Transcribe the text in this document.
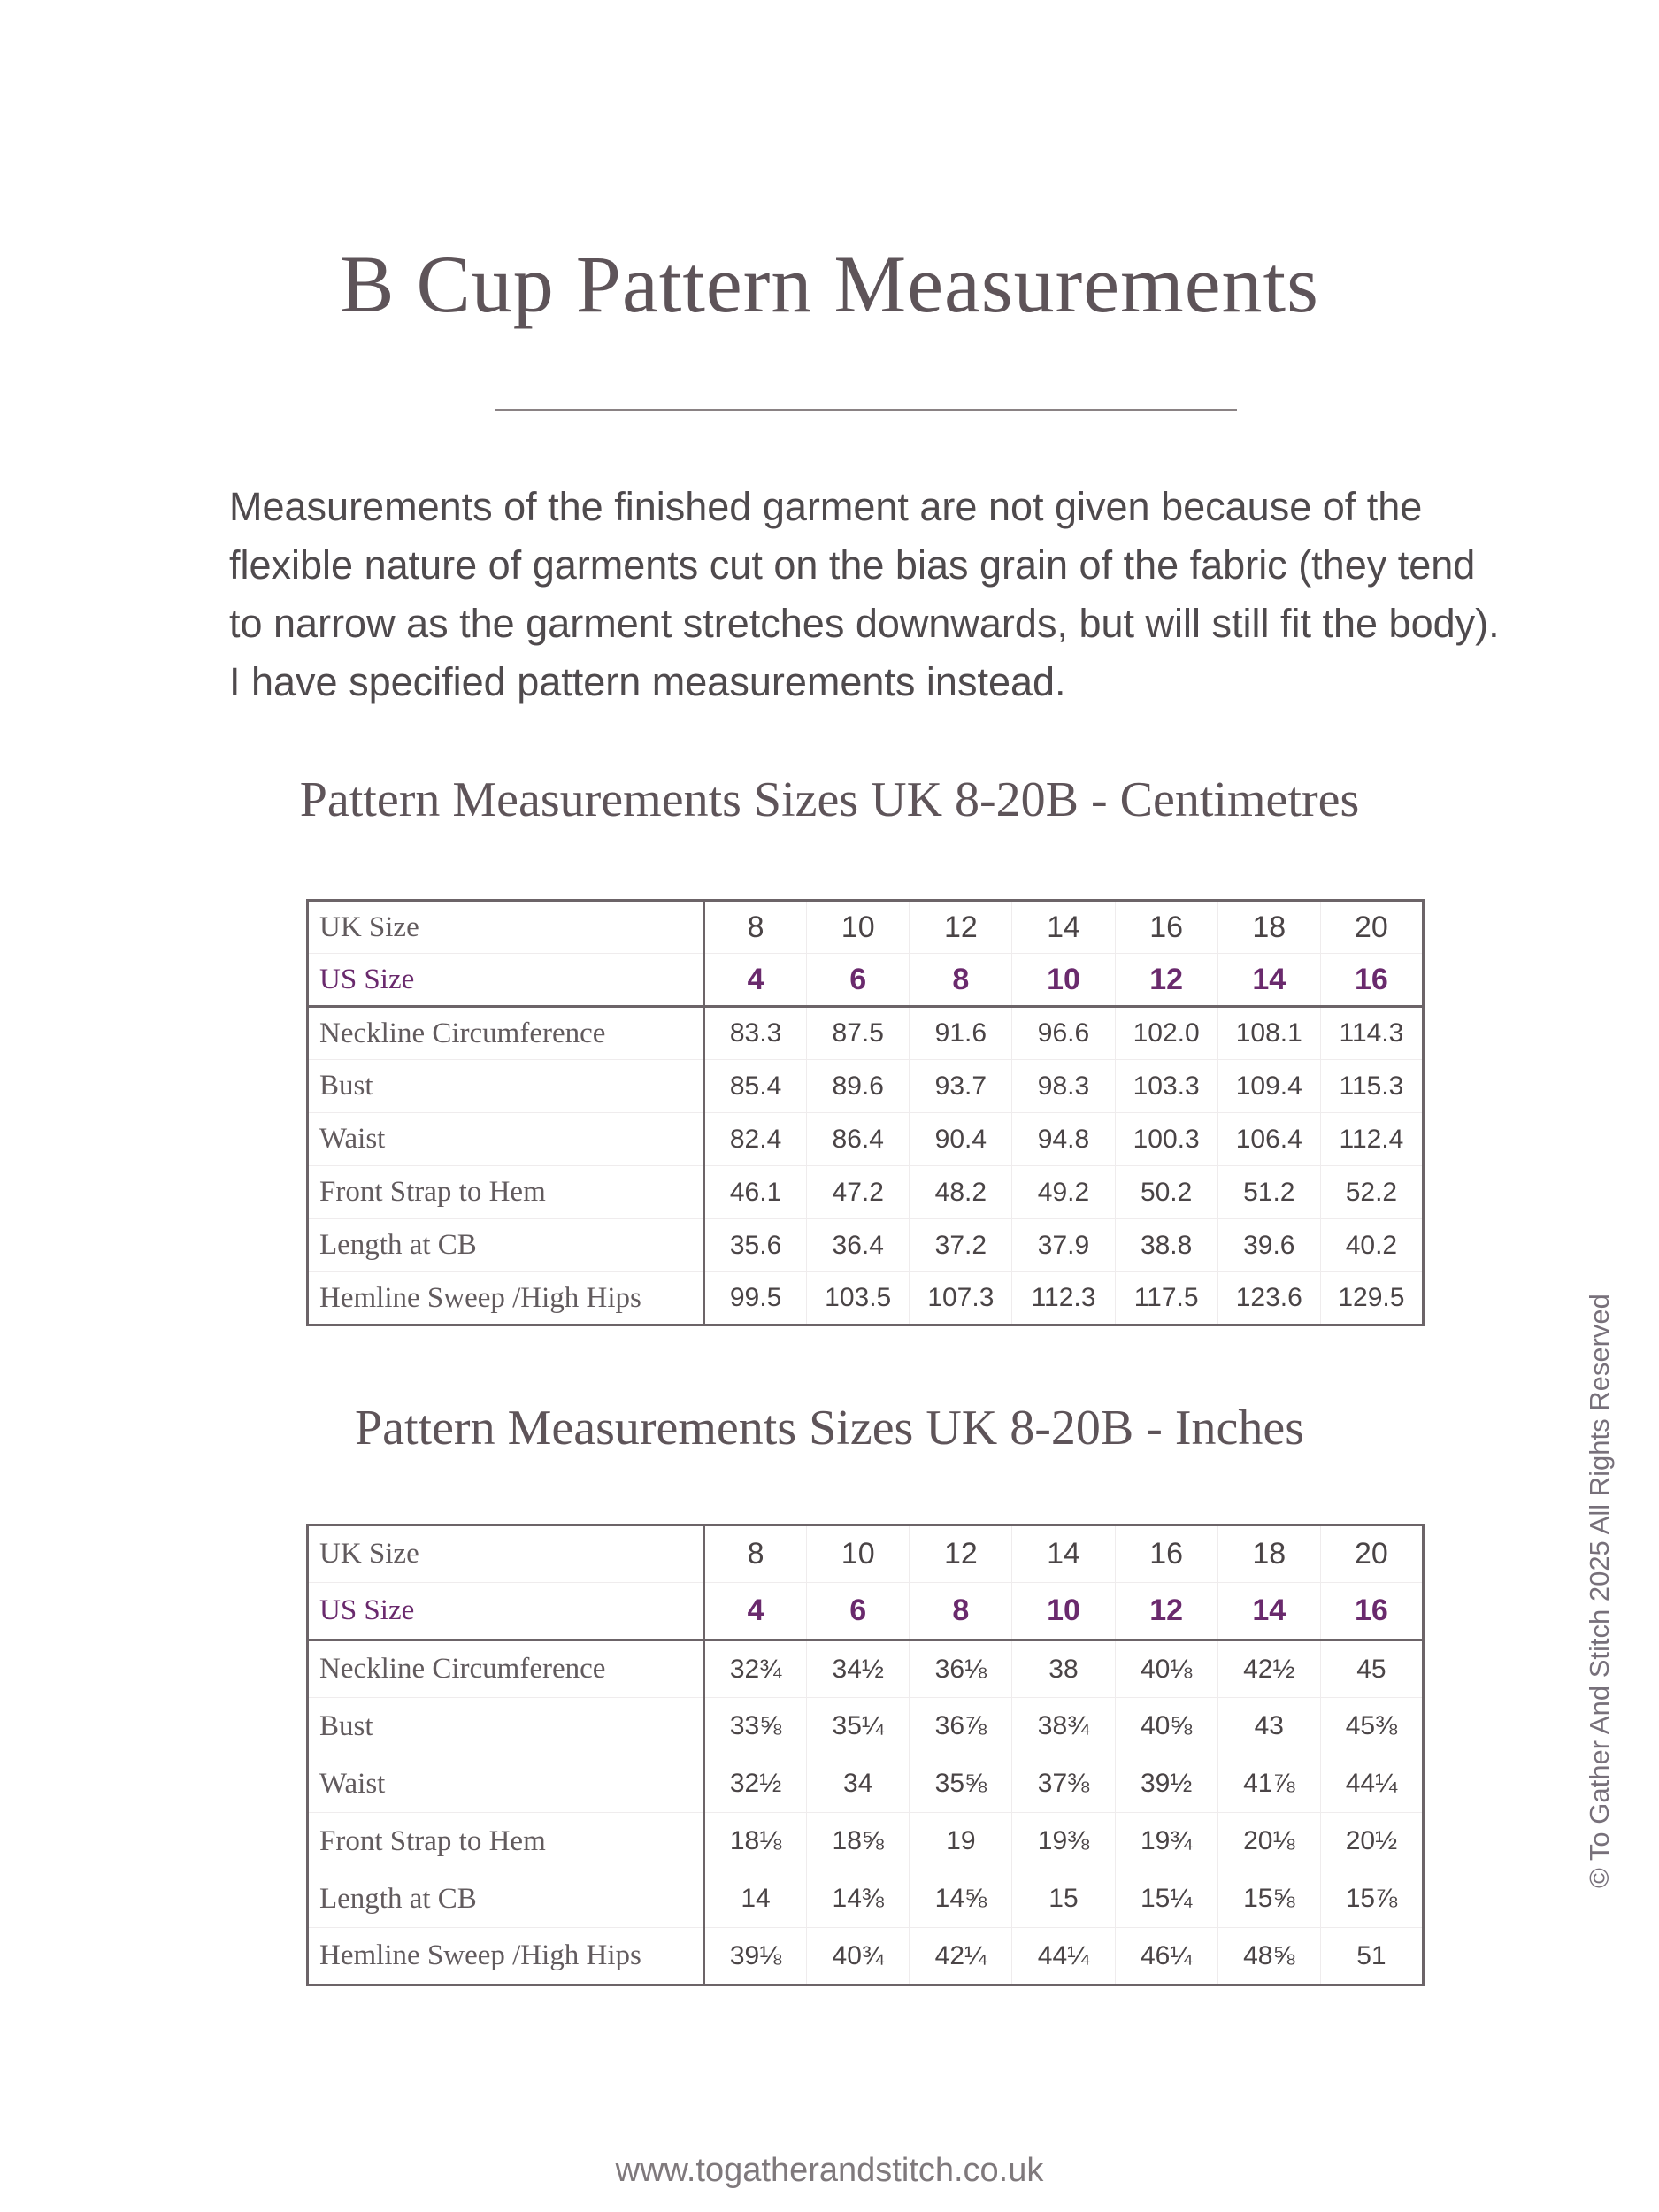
B Cup Pattern Measurements

Measurements of the finished garment are not given because of the flexible nature of garments cut on the bias grain of the fabric (they tend to narrow as the garment stretches downwards, but will still fit the body). I have specified pattern measurements instead.

Pattern Measurements Sizes UK 8-20B - Centimetres
UK Size	8	10	12	14	16	18	20
US Size	4	6	8	10	12	14	16
Neckline Circumference	83.3	87.5	91.6	96.6	102.0	108.1	114.3
Bust	85.4	89.6	93.7	98.3	103.3	109.4	115.3
Waist	82.4	86.4	90.4	94.8	100.3	106.4	112.4
Front Strap to Hem	46.1	47.2	48.2	49.2	50.2	51.2	52.2
Length at CB	35.6	36.4	37.2	37.9	38.8	39.6	40.2
Hemline Sweep /High Hips	99.5	103.5	107.3	112.3	117.5	123.6	129.5
Pattern Measurements Sizes UK 8-20B - Inches
UK Size	8	10	12	14	16	18	20
US Size	4	6	8	10	12	14	16
Neckline Circumference	32¾	34½	36⅛	38	40⅛	42½	45
Bust	33⅝	35¼	36⅞	38¾	40⅝	43	45⅜
Waist	32½	34	35⅝	37⅜	39½	41⅞	44¼
Front Strap to Hem	18⅛	18⅝	19	19⅜	19¾	20⅛	20½
Length at CB	14	14⅜	14⅝	15	15¼	15⅝	15⅞
Hemline Sweep /High Hips	39⅛	40¾	42¼	44¼	46¼	48⅝	51
© To Gather And Stitch 2025 All Rights Reserved

www.togatherandstitch.co.uk
